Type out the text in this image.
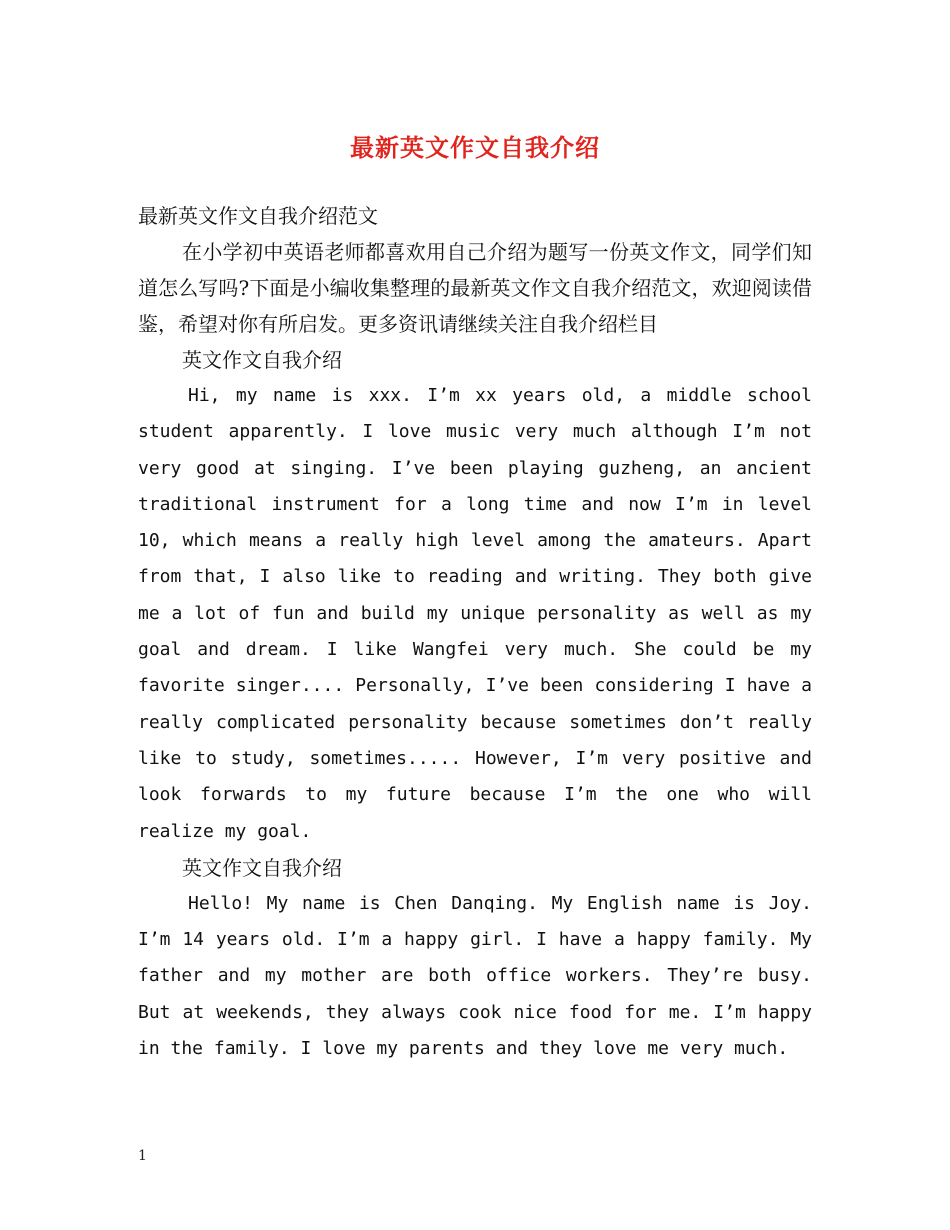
最新英文作文自我介绍
最新英文作文自我介绍范文
在小学初中英语老师都喜欢用自己介绍为题写一份英文作文，同学们知道怎么写吗?下面是小编收集整理的最新英文作文自我介绍范文，欢迎阅读借鉴，希望对你有所启发。更多资讯请继续关注自我介绍栏目
英文作文自我介绍
Hi, my name is xxx. I’m xx years old, a middle school student apparently. I love music very much although I’m not very good at singing. I’ve been playing guzheng, an ancient traditional instrument for a long time and now I’m in level 10, which means a really high level among the amateurs. Apart from that, I also like to reading and writing. They both give me a lot of fun and build my unique personality as well as my goal and dream. I like Wangfei very much. She could be my favorite singer.... Personally, I’ve been considering I have a really complicated personality because sometimes don’t really like to study, sometimes..... However, I’m very positive and look forwards to my future because I’m the one who will realize my goal.
英文作文自我介绍
Hello! My name is Chen Danqing. My English name is Joy. I’m 14 years old. I’m a happy girl. I have a happy family. My father and my mother are both office workers. They’re busy. But at weekends, they always cook nice food for me. I’m happy in the family. I love my parents and they love me very much.
1
